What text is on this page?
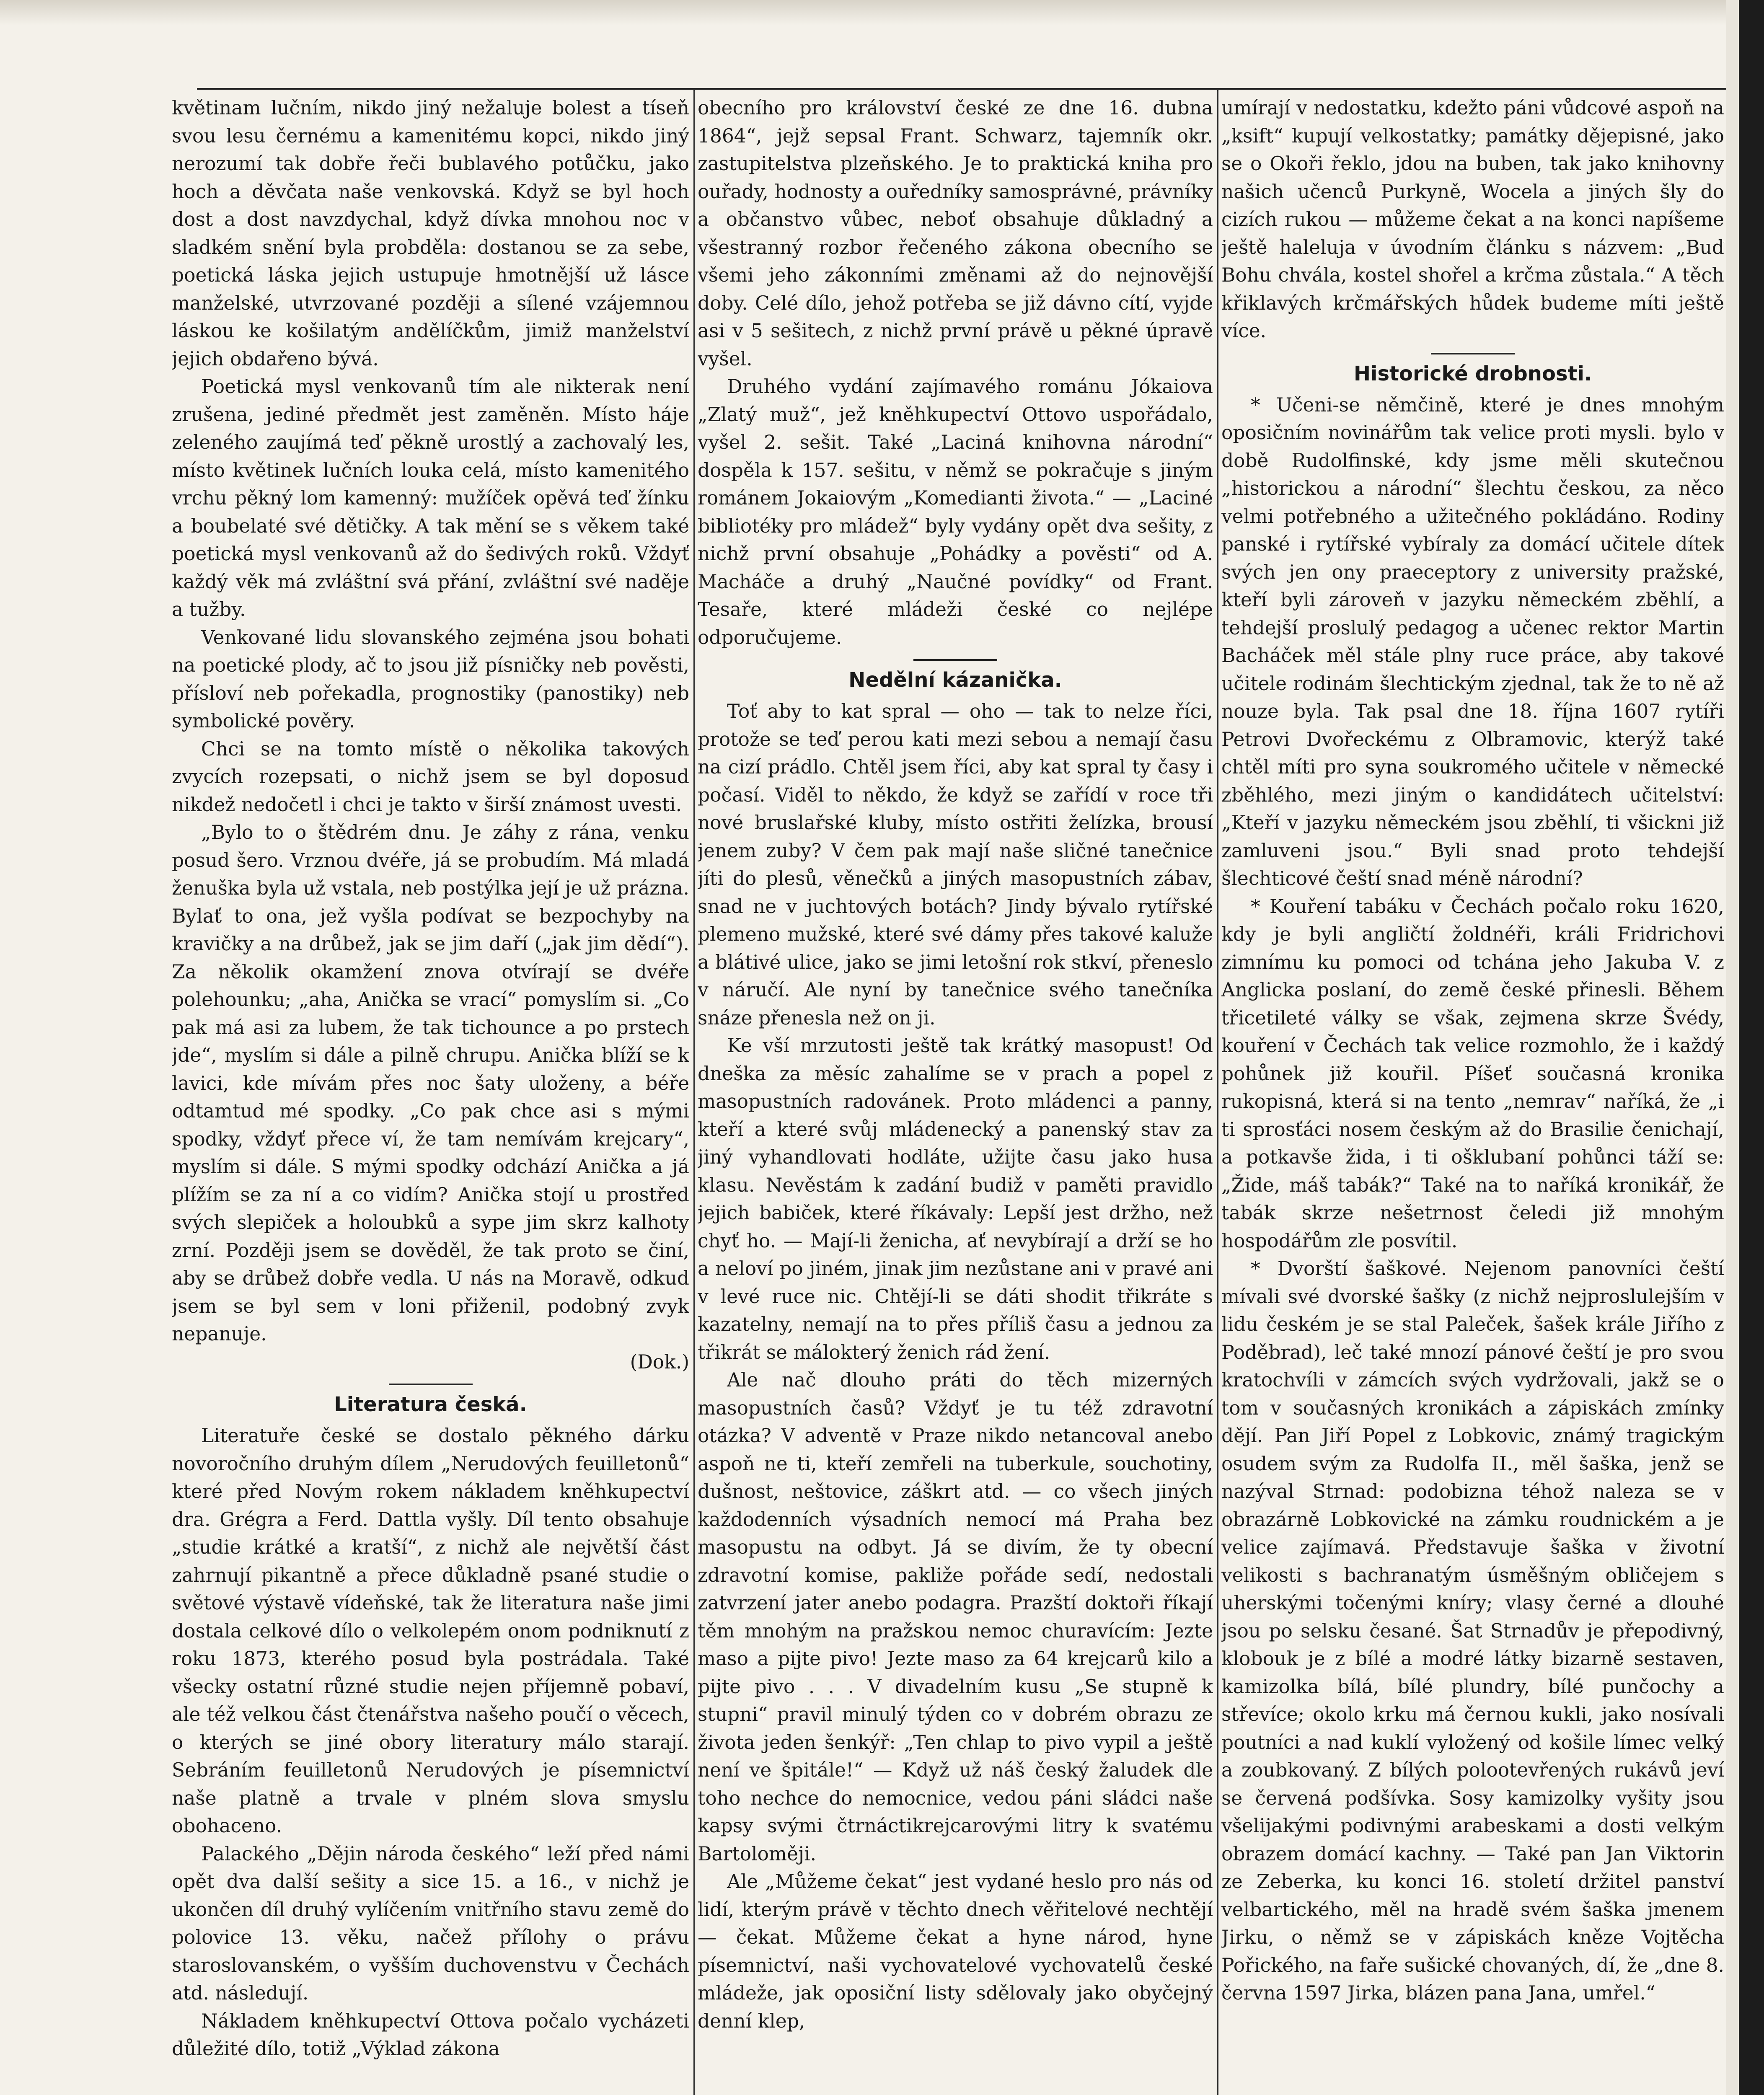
květinam lučním, nikdo jiný nežaluje bolest a tíseň svou lesu černému a kamenitému kopci, nikdo jiný nerozumí tak dobře řeči bublavého potůčku, jako hoch a děvčata naše venkovská. Když se byl hoch dost a dost navzdychal, když dívka mnohou noc v sladkém snění byla probděla: dostanou se za sebe, poetická láska jejich ustupuje hmotnější už lásce manželské, utvrzované později a sílené vzájemnou láskou ke košilatým andělíčkům, jimiž manželství jejich obdařeno bývá.

Poetická mysl venkovanů tím ale nikterak není zrušena, jediné předmět jest zaměněn. Místo háje zeleného zaujímá teď pěkně urostlý a zachovalý les, místo květinek lučních louka celá, místo kamenitého vrchu pěkný lom kamenný: mužíček opěvá teď žínku a boubelaté své dětičky. A tak mění se s věkem také poetická mysl venkovanů až do šedivých roků. Vždyť každý věk má zvláštní svá přání, zvláštní své naděje a tužby.

Venkované lidu slovanského zejména jsou bohati na poetické plody, ač to jsou již písničky neb pověsti, přísloví neb pořekadla, prognostiky (panostiky) neb symbolické pověry.

Chci se na tomto místě o několika takových zvycích rozepsati, o nichž jsem se byl doposud nikdež nedočetl i chci je takto v širší známost uvesti.

„Bylo to o štědrém dnu. Je záhy z rána, venku posud šero. Vrznou dvéře, já se probudím. Má mladá ženuška byla už vstala, neb postýlka její je už prázna. Bylať to ona, jež vyšla podívat se bezpochyby na kravičky a na drůbež, jak se jim daří („jak jim dědí“). Za několik okamžení znova otvírají se dvéře polehounku; „aha, Anička se vrací“ pomyslím si. „Co pak má asi za lubem, že tak tichounce a po prstech jde“, myslím si dále a pilně chrupu. Anička blíží se k lavici, kde mívám přes noc šaty uloženy, a béře odtamtud mé spodky. „Co pak chce asi s mými spodky, vždyť přece ví, že tam nemívám krejcary“, myslím si dále. S mými spodky odchází Anička a já plížím se za ní a co vidím? Anička stojí u prostřed svých slepiček a holoubků a sype jim skrz kalhoty zrní. Později jsem se dověděl, že tak proto se činí, aby se drůbež dobře vedla. U nás na Moravě, odkud jsem se byl sem v loni přiženil, podobný zvyk nepanuje.

(Dok.)
Literatura česká.

Literatuře české se dostalo pěkného dárku novoročního druhým dílem „Nerudových feuilletonů“ které před Novým rokem nákladem kněhkupectví dra. Grégra a Ferd. Dattla vyšly. Díl tento obsahuje „studie krátké a kratší“, z nichž ale největší část zahrnují pikantně a přece důkladně psané studie o světové výstavě vídeňské, tak že literatura naše jimi dostala celkové dílo o velkolepém onom podniknutí z roku 1873, kterého posud byla postrádala. Také všecky ostatní různé studie nejen příjemně pobaví, ale též velkou část čtenářstva našeho poučí o věcech, o kterých se jiné obory literatury málo starají. Sebráním feuilletonů Nerudových je písemnictví naše platně a trvale v plném slova smyslu obohaceno.

Palackého „Dějin národa českého“ leží před námi opět dva další sešity a sice 15. a 16., v nichž je ukončen díl druhý vylíčením vnitřního stavu země do polovice 13. věku, načež přílohy o právu staroslovanském, o vyšším duchovenstvu v Čechách atd. následují.

Nákladem kněhkupectví Ottova počalo vycházeti důležité dílo, totiž „Výklad zákona

obecního pro království české ze dne 16. dubna 1864“, jejž sepsal Frant. Schwarz, tajemník okr. zastupitelstva plzeňského. Je to praktická kniha pro ouřady, hodnosty a ouředníky samosprávné, právníky a občanstvo vůbec, neboť obsahuje důkladný a všestranný rozbor řečeného zákona obecního se všemi jeho zákonními změnami až do nejnovější doby. Celé dílo, jehož potřeba se již dávno cítí, vyjde asi v 5 sešitech, z nichž první právě u pěkné úpravě vyšel.

Druhého vydání zajímavého románu Jókaiova „Zlatý muž“, jež kněhkupectví Ottovo uspořádalo, vyšel 2. sešit. Také „Laciná knihovna národní“ dospěla k 157. sešitu, v němž se pokračuje s jiným románem Jokaiovým „Komedianti života.“ — „Laciné bibliotéky pro mládež“ byly vydány opět dva sešity, z nichž první obsahuje „Pohádky a pověsti“ od A. Macháče a druhý „Naučné povídky“ od Frant. Tesaře, které mládeži české co nejlépe odporučujeme.

Nedělní kázanička.

Toť aby to kat spral — oho — tak to nelze říci, protože se teď perou kati mezi sebou a nemají času na cizí prádlo. Chtěl jsem říci, aby kat spral ty časy i počasí. Viděl to někdo, že když se zařídí v roce tři nové bruslařské kluby, místo ostřiti želízka, brousí jenem zuby? V čem pak mají naše sličné tanečnice jíti do plesů, věnečků a jiných masopustních zábav, snad ne v juchtových botách? Jindy bývalo rytířské plemeno mužské, které své dámy přes takové kaluže a blátivé ulice, jako se jimi letošní rok stkví, přeneslo v náručí. Ale nyní by tanečnice svého tanečníka snáze přenesla než on ji.

Ke vší mrzutosti ještě tak krátký masopust! Od dneška za měsíc zahalíme se v prach a popel z masopustních radovánek. Proto mládenci a panny, kteří a které svůj mládenecký a panenský stav za jiný vyhandlovati hodláte, užijte času jako husa klasu. Nevěstám k zadání budiž v paměti pravidlo jejich babiček, které říkávaly: Lepší jest držho, než chyť ho. — Mají-li ženicha, ať nevybírají a drží se ho a neloví po jiném, jinak jim nezůstane ani v pravé ani v levé ruce nic. Chtějí-li se dáti shodit třikráte s kazatelny, nemají na to přes příliš času a jednou za třikrát se málokterý ženich rád žení.

Ale nač dlouho práti do těch mizerných masopustních časů? Vždyť je tu též zdravotní otázka? V adventě v Praze nikdo netancoval anebo aspoň ne ti, kteří zemřeli na tuberkule, souchotiny, dušnost, neštovice, záškrt atd. — co všech jiných každodenních výsadních nemocí má Praha bez masopustu na odbyt. Já se divím, že ty obecní zdravotní komise, pakliže pořáde sedí, nedostali zatvrzení jater anebo podagra. Prazští doktoři říkají těm mnohým na pražskou nemoc churavícím: Jezte maso a pijte pivo! Jezte maso za 64 krejcarů kilo a pijte pivo . . . V divadelním kusu „Se stupně k stupni“ pravil minulý týden co v dobrém obrazu ze života jeden šenkýř: „Ten chlap to pivo vypil a ještě není ve špitále!“ — Když už náš český žaludek dle toho nechce do nemocnice, vedou páni sládci naše kapsy svými čtrnáctikrejcarovými litry k svatému Bartoloměji.

Ale „Můžeme čekat“ jest vydané heslo pro nás od lidí, kterým právě v těchto dnech věřitelové nechtějí — čekat. Můžeme čekat a hyne národ, hyne písemnictví, naši vychovatelové vychovatelů české mládeže, jak oposiční listy sdělovaly jako obyčejný denní klep,

umírají v nedostatku, kdežto páni vůdcové aspoň na „ksift“ kupují velkostatky; památky dějepisné, jako se o Okoři řeklo, jdou na buben, tak jako knihovny našich učenců Purkyně, Wocela a jiných šly do cizích rukou — můžeme čekat a na konci napíšeme ještě haleluja v úvodním článku s názvem: „Buď Bohu chvála, kostel shořel a krčma zůstala.“ A těch křiklavých krčmářských hůdek budeme míti ještě více.

Historické drobnosti.

* Učeni-se němčině, které je dnes mnohým oposičním novinářům tak velice proti mysli. bylo v době Rudolfinské, kdy jsme měli skutečnou „historickou a národní“ šlechtu českou, za něco velmi potřebného a užitečného pokládáno. Rodiny panské i rytířské vybíraly za domácí učitele dítek svých jen ony praeceptory z university pražské, kteří byli zároveň v jazyku německém zběhlí, a tehdejší proslulý pedagog a učenec rektor Martin Bacháček měl stále plny ruce práce, aby takové učitele rodinám šlechtickým zjednal, tak že to ně až nouze byla. Tak psal dne 18. října 1607 rytíři Petrovi Dvořeckému z Olbramovic, kterýž také chtěl míti pro syna soukromého učitele v německé zběhlého, mezi jiným o kandidátech učitelství: „Kteří v jazyku německém jsou zběhlí, ti všickni již zamluveni jsou.“ Byli snad proto tehdejší šlechticové čeští snad méně národní?

* Kouření tabáku v Čechách počalo roku 1620, kdy je byli angličtí žoldnéři, králi Fridrichovi zimnímu ku pomoci od tchána jeho Jakuba V. z Anglicka poslaní, do země české přinesli. Během třicetileté války se však, zejmena skrze Švédy, kouření v Čechách tak velice rozmohlo, že i každý pohůnek již kouřil. Píšeť současná kronika rukopisná, která si na tento „nemrav“ naříká, že „i ti sprosťáci nosem českým až do Brasilie čenichají, a potkavše žida, i ti ošklubaní pohůnci táží se: „Žide, máš tabák?“ Také na to naříká kronikář, že tabák skrze nešetrnost čeledi již mnohým hospodářům zle posvítil.

* Dvorští šaškové. Nejenom panovníci čeští mívali své dvorské šašky (z nichž nejproslulejším v lidu českém je se stal Paleček, šašek krále Jiřího z Poděbrad), leč také mnozí pánové čeští je pro svou kratochvíli v zámcích svých vydržovali, jakž se o tom v současných kronikách a zápiskách zmínky dějí. Pan Jiří Popel z Lobkovic, známý tragickým osudem svým za Rudolfa II., měl šaška, jenž se nazýval Strnad: podobizna téhož naleza se v obrazárně Lobkovické na zámku roudnickém a je velice zajímavá. Představuje šaška v životní velikosti s bachranatým úsměšným obličejem s uherskými točenými kníry; vlasy černé a dlouhé jsou po selsku česané. Šat Strnadův je přepodivný, klobouk je z bílé a modré látky bizarně sestaven, kamizolka bílá, bílé plundry, bílé punčochy a střevíce; okolo krku má černou kukli, jako nosívali poutníci a nad kuklí vyložený od košile límec velký a zoubkovaný. Z bílých polootevřených rukávů jeví se červená podšívka. Sosy kamizolky vyšity jsou všelijakými podivnými arabeskami a dosti velkým obrazem domácí kachny. — Také pan Jan Viktorin ze Zeberka, ku konci 16. století držitel panství velbartického, měl na hradě svém šaška jmenem Jirku, o němž se v zápiskách kněze Vojtěcha Pořického, na faře sušické chovaných, dí, že „dne 8. června 1597 Jirka, blázen pana Jana, umřel.“
